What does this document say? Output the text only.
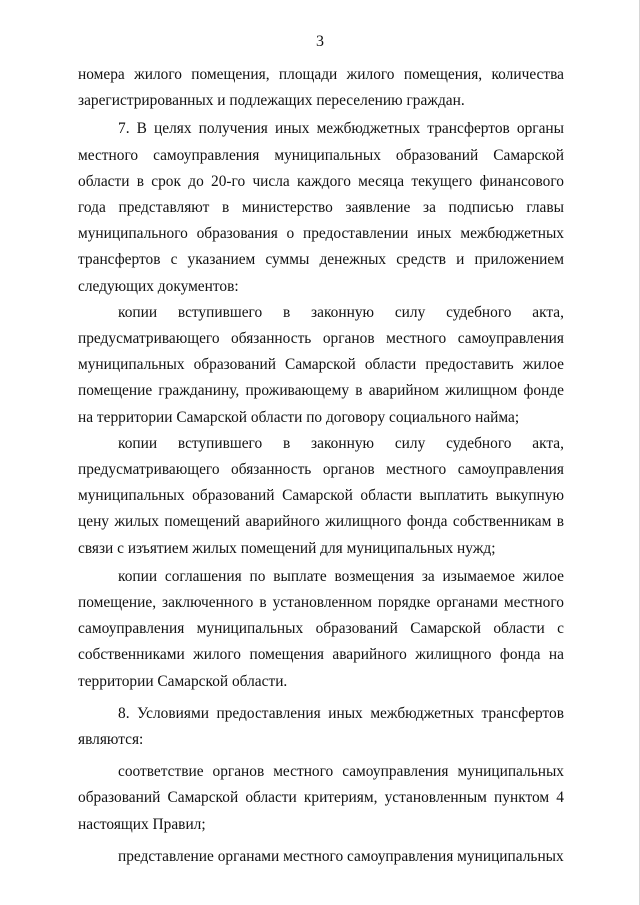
3

номера жилого помещения, площади жилого помещения, количества зарегистрированных и подлежащих переселению граждан.

7. В целях получения иных межбюджетных трансфертов органы местного самоуправления муниципальных образований Самарской области в срок до 20-го числа каждого месяца текущего финансового года представляют в министерство заявление за подписью главы муниципального образования о предоставлении иных межбюджетных трансфертов с указанием суммы денежных средств и приложением следующих документов:

копии вступившего в законную силу судебного акта, предусматривающего обязанность органов местного самоуправления муниципальных образований Самарской области предоставить жилое помещение гражданину, проживающему в аварийном жилищном фонде на территории Самарской области по договору социального найма;

копии вступившего в законную силу судебного акта, предусматривающего обязанность органов местного самоуправления муниципальных образований Самарской области выплатить выкупную цену жилых помещений аварийного жилищного фонда собственникам в связи с изъятием жилых помещений для муниципальных нужд;

копии соглашения по выплате возмещения за изымаемое жилое помещение, заключенного в установленном порядке органами местного самоуправления муниципальных образований Самарской области с собственниками жилого помещения аварийного жилищного фонда на территории Самарской области.

8. Условиями предоставления иных межбюджетных трансфертов являются:

соответствие органов местного самоуправления муниципальных образований Самарской области критериям, установленным пунктом 4 настоящих Правил;

представление органами местного самоуправления муниципальных
